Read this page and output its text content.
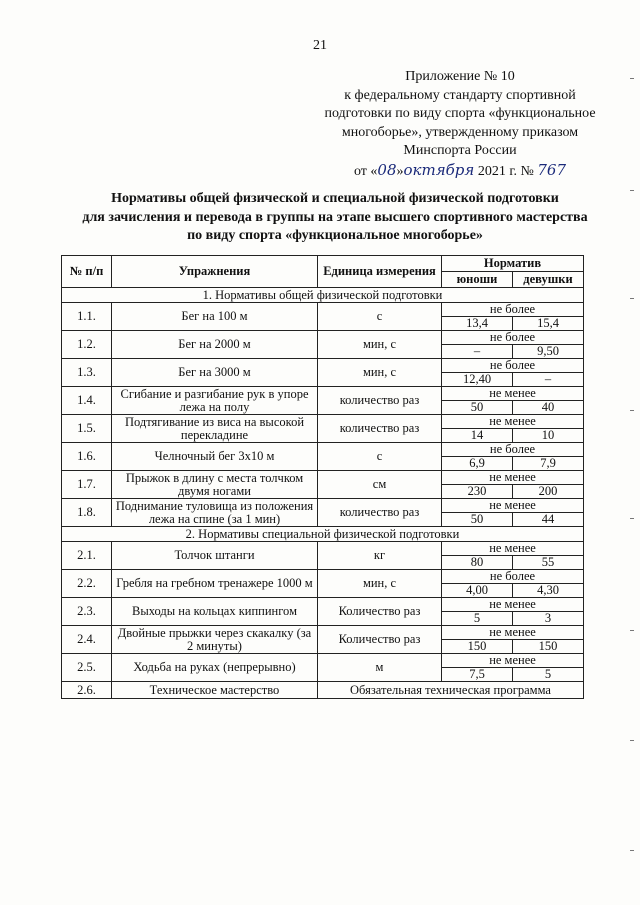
21
Приложение № 10
к федеральному стандарту спортивной
подготовки по виду спорта «функциональное
многоборье», утвержденному приказом
Минспорта России
от «08»октября 2021 г. № 767
Нормативы общей физической и специальной физической подготовки
для зачисления и перевода в группы на этапе высшего спортивного мастерства
по виду спорта «функциональное многоборье»
№ п/п	Упражнения	Единица измерения	Норматив	
			юноши	девушки
1. Нормативы общей физической подготовки				
1.1.	Бег на 100 м	с	не более	
			13,4	15,4
1.2.	Бег на 2000 м	мин, с	не более	
			–	9,50
1.3.	Бег на 3000 м	мин, с	не более	
			12,40	–
1.4.	Сгибание и разгибание рук в упоре лежа на полу	количество раз	не менее	
			50	40
1.5.	Подтягивание из виса на высокой перекладине	количество раз	не менее	
			14	10
1.6.	Челночный бег 3x10 м	с	не более	
			6,9	7,9
1.7.	Прыжок в длину с места толчком двумя ногами	см	не менее	
			230	200
1.8.	Поднимание туловища из положения лежа на спине (за 1 мин)	количество раз	не менее	
			50	44
2. Нормативы специальной физической подготовки				
2.1.	Толчок штанги	кг	не менее	
			80	55
2.2.	Гребля на гребном тренажере 1000 м	мин, с	не более	
			4,00	4,30
2.3.	Выходы на кольцах киппингом	Количество раз	не менее	
			5	3
2.4.	Двойные прыжки через скакалку (за 2 минуты)	Количество раз	не менее	
			150	150
2.5.	Ходьба на руках (непрерывно)	м	не менее	
			7,5	5
2.6.	Техническое мастерство	Обязательная техническая программа		
